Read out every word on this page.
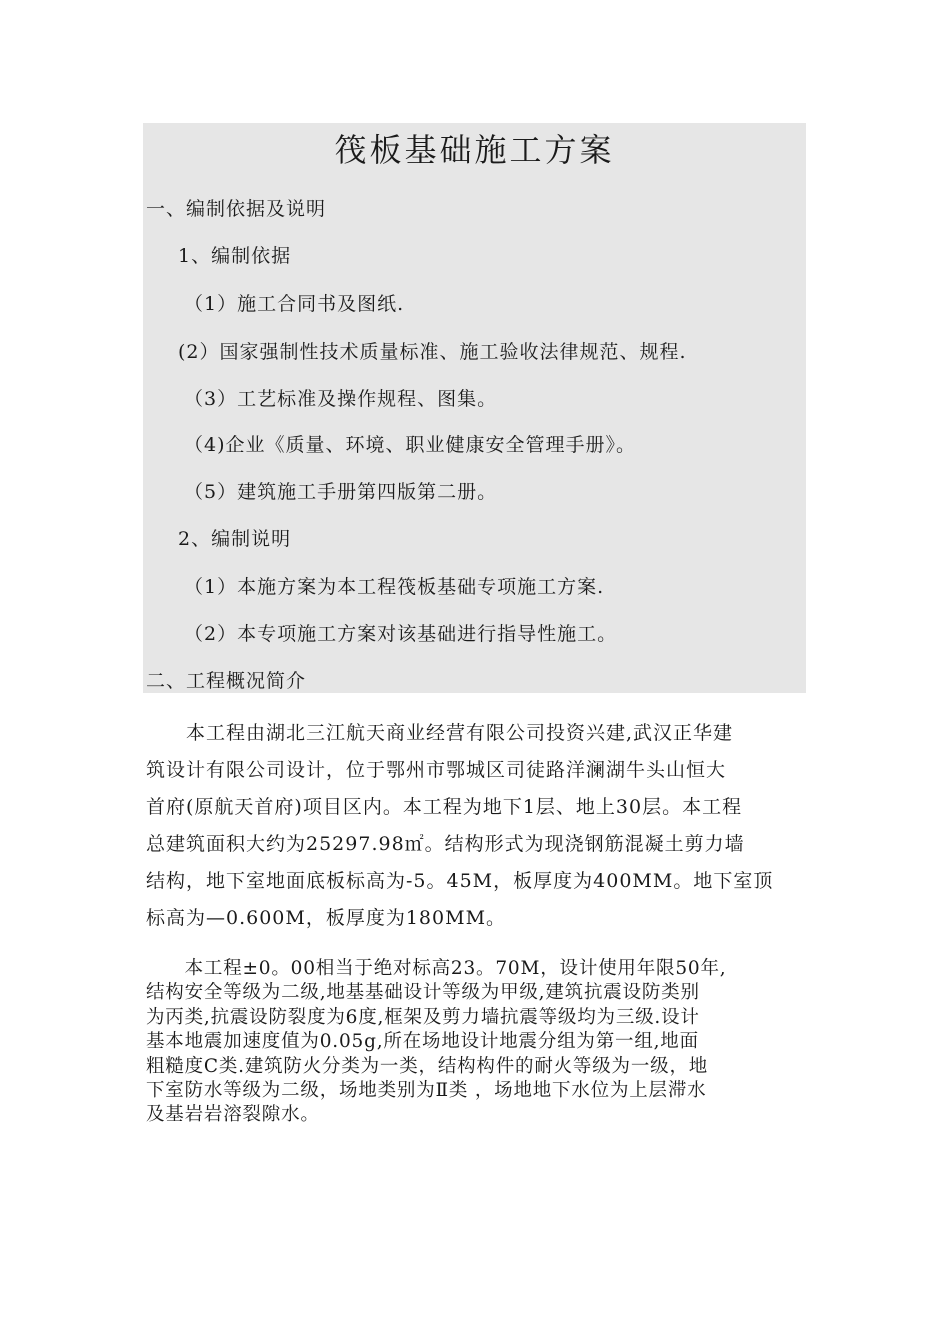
筏板基础施工方案
一、编制依据及说明
1、编制依据
（1）施工合同书及图纸.
(2）国家强制性技术质量标准、施工验收法律规范、规程.
（3）工艺标准及操作规程、图集。
（4)企业《质量、环境、职业健康安全管理手册》。
（5）建筑施工手册第四版第二册。
2、编制说明
（1）本施方案为本工程筏板基础专项施工方案.
（2）本专项施工方案对该基础进行指导性施工。
二、工程概况简介
　　本工程由湖北三江航天商业经营有限公司投资兴建,武汉正华建
筑设计有限公司设计，位于鄂州市鄂城区司徒路洋澜湖牛头山恒大
首府(原航天首府)项目区内。本工程为地下1层、地上30层。本工程
总建筑面积大约为25297.98㎡。结构形式为现浇钢筋混凝土剪力墙
结构，地下室地面底板标高为-5。45M，板厚度为400MM。地下室顶
标高为—0.600M，板厚度为180MM。
　　本工程±0。00相当于绝对标高23。70M，设计使用年限50年,
结构安全等级为二级,地基基础设计等级为甲级,建筑抗震设防类别
为丙类,抗震设防裂度为6度,框架及剪力墙抗震等级均为三级.设计
基本地震加速度值为0.05g,所在场地设计地震分组为第一组,地面
粗糙度C类.建筑防火分类为一类，结构构件的耐火等级为一级，地
下室防水等级为二级，场地类别为Ⅱ类 ，场地地下水位为上层滞水
及基岩岩溶裂隙水。
